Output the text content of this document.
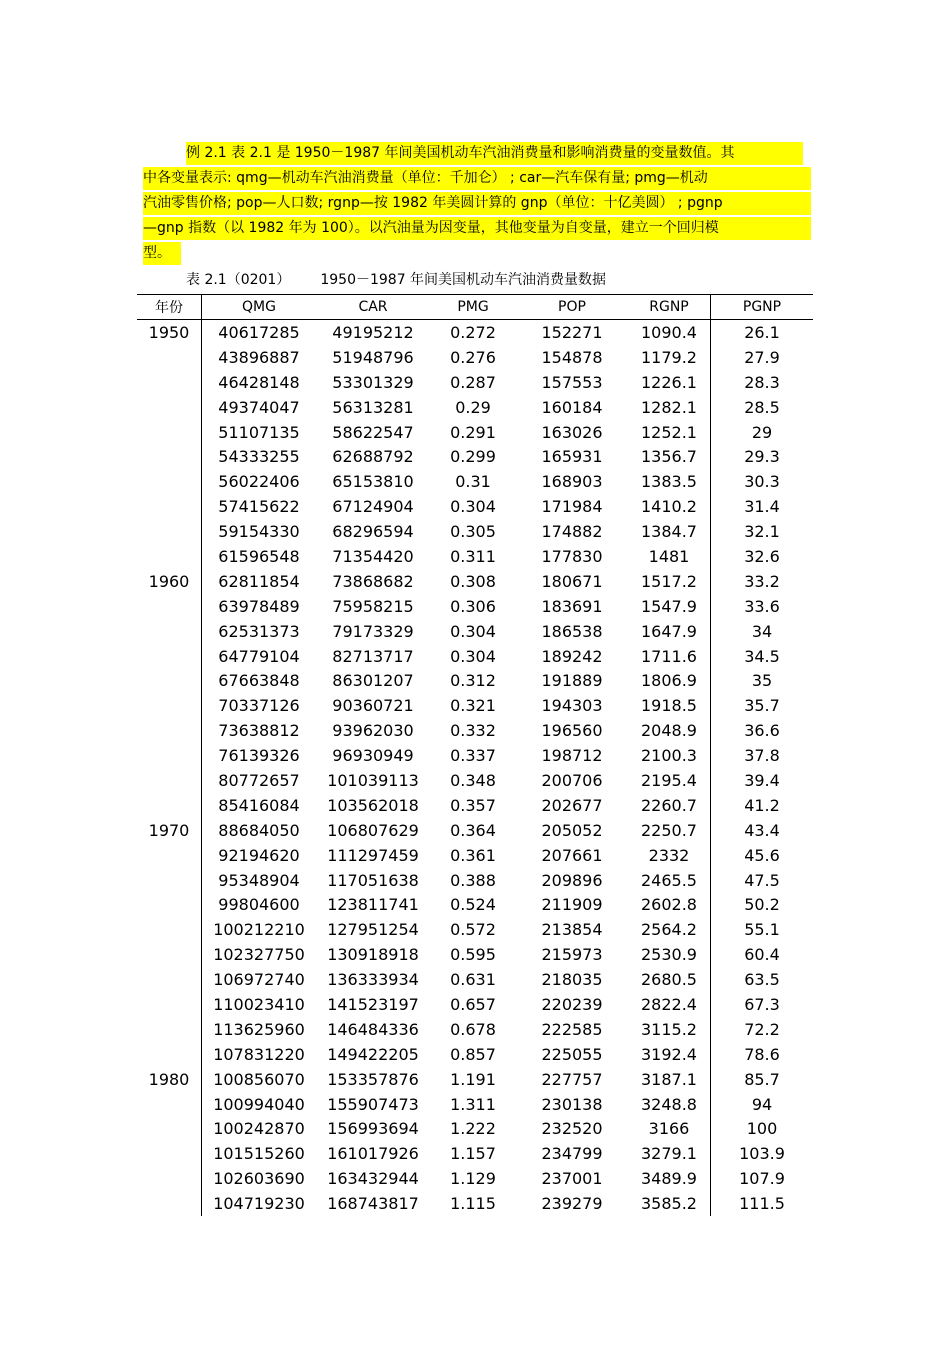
例 2.1 表 2.1 是 1950－1987 年间美国机动车汽油消费量和影响消费量的变量数值。其
中各变量表示: qmg—机动车汽油消费量（单位：千加仑） ; car—汽车保有量; pmg—机动
汽油零售价格; pop—人口数; rgnp—按 1982 年美圆计算的 gnp（单位：十亿美圆） ; pgnp
—gnp 指数（以 1982 年为 100）。以汽油量为因变量，其他变量为自变量，建立一个回归模
型。
表 2.1（0201） 1950－1987 年间美国机动车汽油消费量数据
年份	QMG	CAR	PMG	POP	RGNP	PGNP
1950	40617285	49195212	0.272	152271	1090.4	26.1
	43896887	51948796	0.276	154878	1179.2	27.9
	46428148	53301329	0.287	157553	1226.1	28.3
	49374047	56313281	0.29	160184	1282.1	28.5
	51107135	58622547	0.291	163026	1252.1	29
	54333255	62688792	0.299	165931	1356.7	29.3
	56022406	65153810	0.31	168903	1383.5	30.3
	57415622	67124904	0.304	171984	1410.2	31.4
	59154330	68296594	0.305	174882	1384.7	32.1
	61596548	71354420	0.311	177830	1481	32.6
1960	62811854	73868682	0.308	180671	1517.2	33.2
	63978489	75958215	0.306	183691	1547.9	33.6
	62531373	79173329	0.304	186538	1647.9	34
	64779104	82713717	0.304	189242	1711.6	34.5
	67663848	86301207	0.312	191889	1806.9	35
	70337126	90360721	0.321	194303	1918.5	35.7
	73638812	93962030	0.332	196560	2048.9	36.6
	76139326	96930949	0.337	198712	2100.3	37.8
	80772657	101039113	0.348	200706	2195.4	39.4
	85416084	103562018	0.357	202677	2260.7	41.2
1970	88684050	106807629	0.364	205052	2250.7	43.4
	92194620	111297459	0.361	207661	2332	45.6
	95348904	117051638	0.388	209896	2465.5	47.5
	99804600	123811741	0.524	211909	2602.8	50.2
	100212210	127951254	0.572	213854	2564.2	55.1
	102327750	130918918	0.595	215973	2530.9	60.4
	106972740	136333934	0.631	218035	2680.5	63.5
	110023410	141523197	0.657	220239	2822.4	67.3
	113625960	146484336	0.678	222585	3115.2	72.2
	107831220	149422205	0.857	225055	3192.4	78.6
1980	100856070	153357876	1.191	227757	3187.1	85.7
	100994040	155907473	1.311	230138	3248.8	94
	100242870	156993694	1.222	232520	3166	100
	101515260	161017926	1.157	234799	3279.1	103.9
	102603690	163432944	1.129	237001	3489.9	107.9
	104719230	168743817	1.115	239279	3585.2	111.5
